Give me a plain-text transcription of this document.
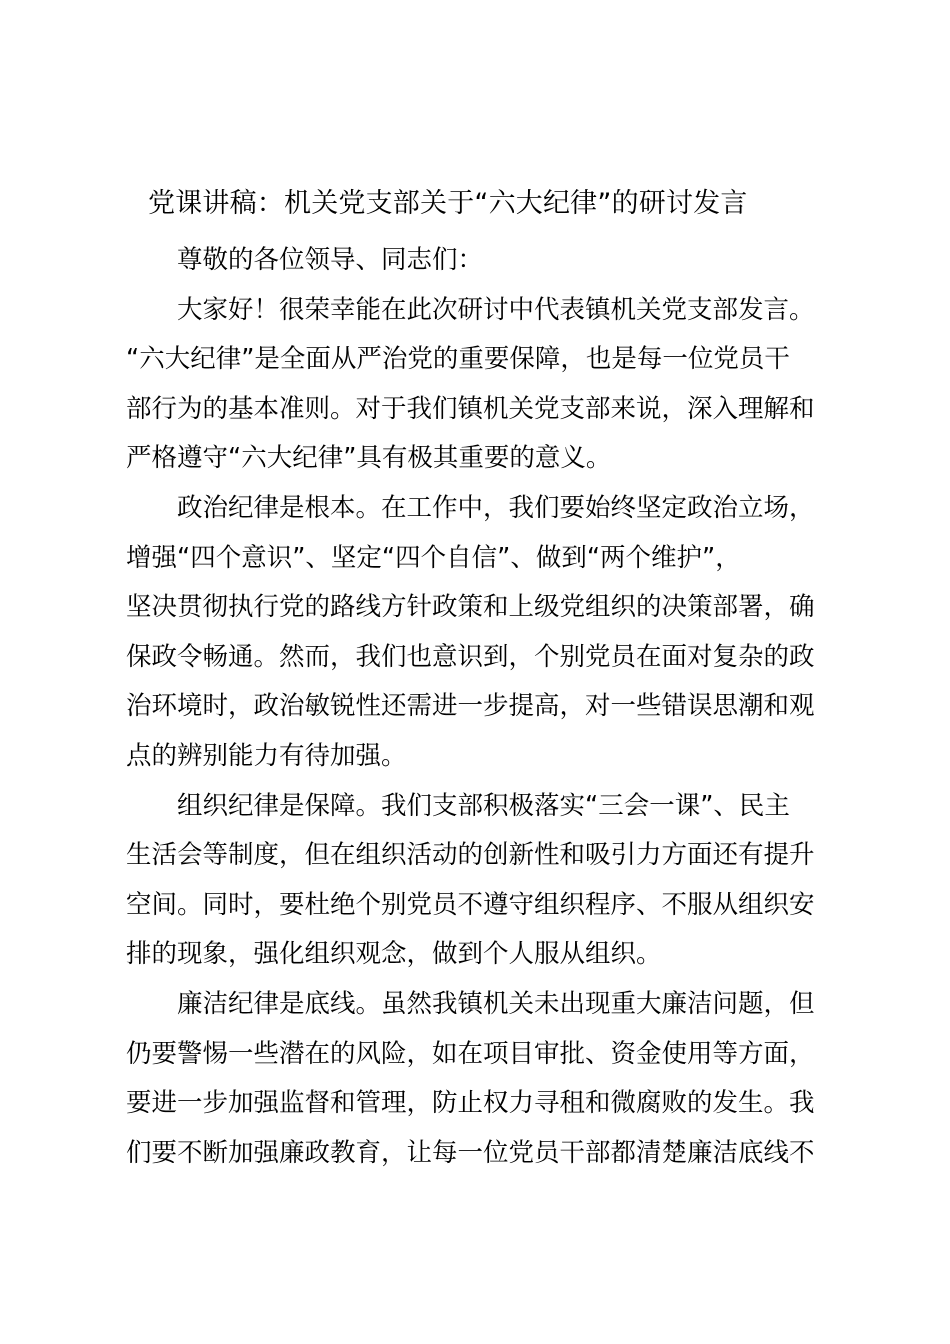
党课讲稿：机关党支部关于“六大纪律”的研讨发言

尊敬的各位领导、同志们：

大家好！很荣幸能在此次研讨中代表镇机关党支部发言。
“六大纪律”是全面从严治党的重要保障，也是每一位党员干
部行为的基本准则。对于我们镇机关党支部来说，深入理解和
严格遵守“六大纪律”具有极其重要的意义。

政治纪律是根本。在工作中，我们要始终坚定政治立场，
增强“四个意识”、坚定“四个自信”、做到“两个维护”，
坚决贯彻执行党的路线方针政策和上级党组织的决策部署，确
保政令畅通。然而，我们也意识到，个别党员在面对复杂的政
治环境时，政治敏锐性还需进一步提高，对一些错误思潮和观
点的辨别能力有待加强。

组织纪律是保障。我们支部积极落实“三会一课”、民主
生活会等制度，但在组织活动的创新性和吸引力方面还有提升
空间。同时，要杜绝个别党员不遵守组织程序、不服从组织安
排的现象，强化组织观念，做到个人服从组织。

廉洁纪律是底线。虽然我镇机关未出现重大廉洁问题，但
仍要警惕一些潜在的风险，如在项目审批、资金使用等方面，
要进一步加强监督和管理，防止权力寻租和微腐败的发生。我
们要不断加强廉政教育，让每一位党员干部都清楚廉洁底线不
